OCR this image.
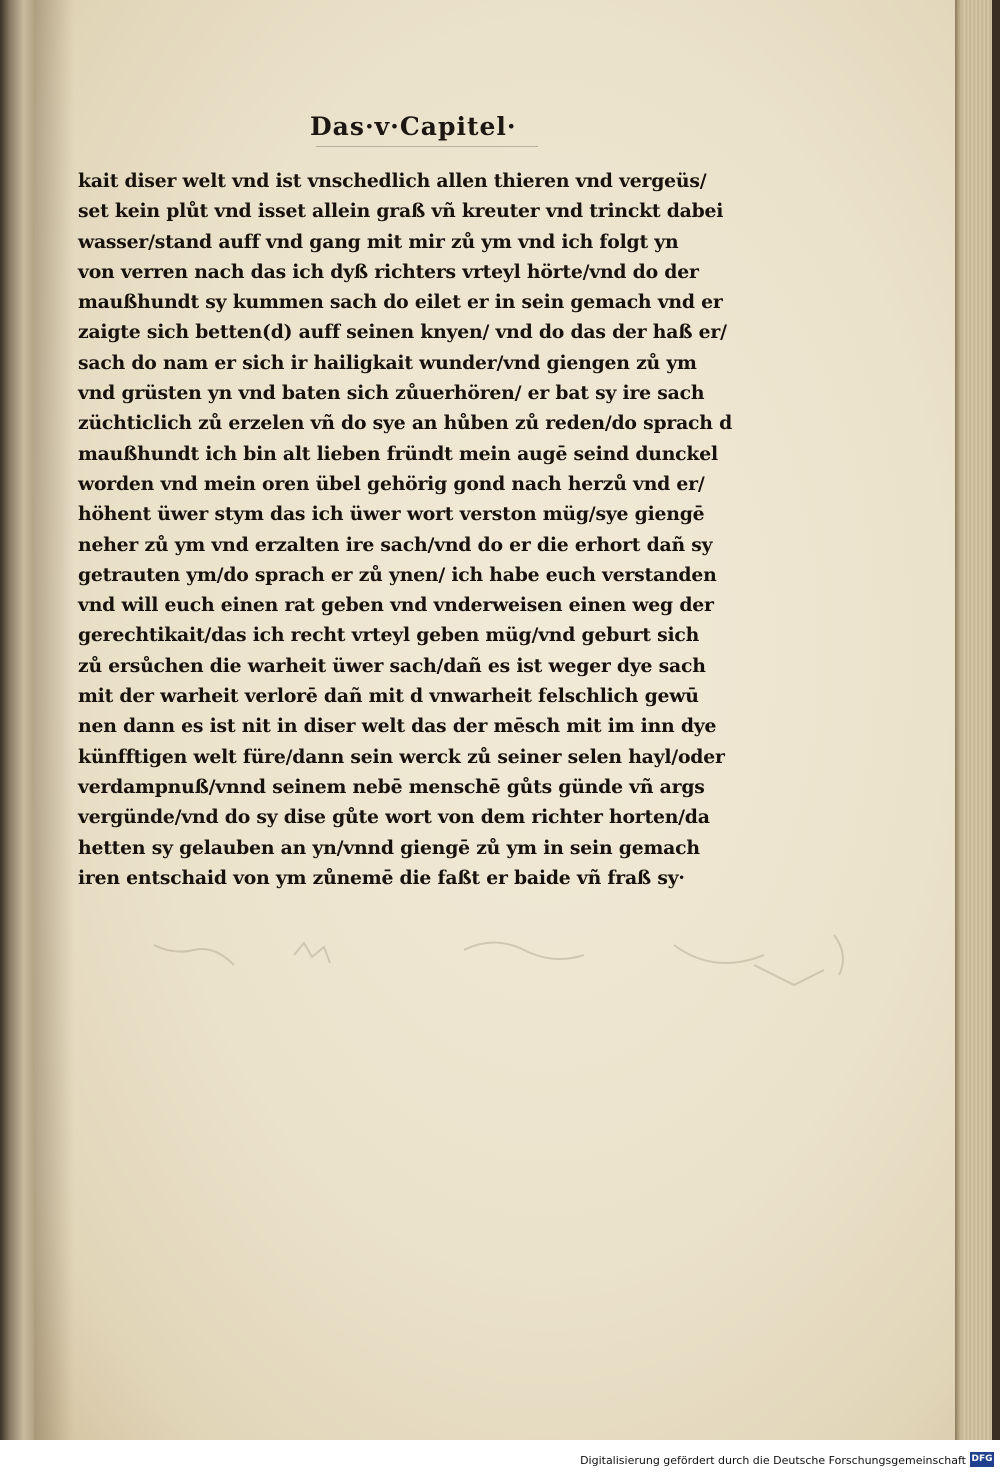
Das·v·Capitel·
kait diser welt vnd ist vnschedlich allen thieren vnd vergeüs/
set kein plůt vnd isset allein graß vñ kreuter vnd trinckt dabei
wasser/stand auff vnd gang mit mir zů ym vnd ich folgt yn
von verren nach das ich dyß richters vrteyl hörte/vnd do der
maußhundt sy kummen sach do eilet er in sein gemach vnd er
zaigte sich betten(d) auff seinen knyen/ vnd do das der haß er/
sach do nam er sich ir hailigkait wunder/vnd giengen zů ym
vnd grüsten yn vnd baten sich zůuerhören/ er bat sy ire sach
züchticlich zů erzelen vñ do sye an hůben zů reden/do sprach d
maußhundt ich bin alt lieben fründt mein augē seind dunckel
worden vnd mein oren übel gehörig gond nach herzů vnd er/
höhent üwer stym das ich üwer wort verston müg/sye giengē
neher zů ym vnd erzalten ire sach/vnd do er die erhort dañ sy
getrauten ym/do sprach er zů ynen/ ich habe euch verstanden
vnd will euch einen rat geben vnd vnderweisen einen weg der
gerechtikait/das ich recht vrteyl geben müg/vnd geburt sich
zů ersůchen die warheit üwer sach/dañ es ist weger dye sach
mit der warheit verlorē dañ mit d vnwarheit felschlich gewū
nen dann es ist nit in diser welt das der mēsch mit im inn dye
künfftigen welt füre/dann sein werck zů seiner selen hayl/oder
verdampnuß/vnnd seinem nebē menschē gůts günde vñ args
vergünde/vnd do sy dise gůte wort von dem richter horten/da
hetten sy gelauben an yn/vnnd giengē zů ym in sein gemach
iren entschaid von ym zůnemē die faßt er baide vñ fraß sy·
Digitalisierung gefördert durch die Deutsche Forschungsgemeinschaft DFG
